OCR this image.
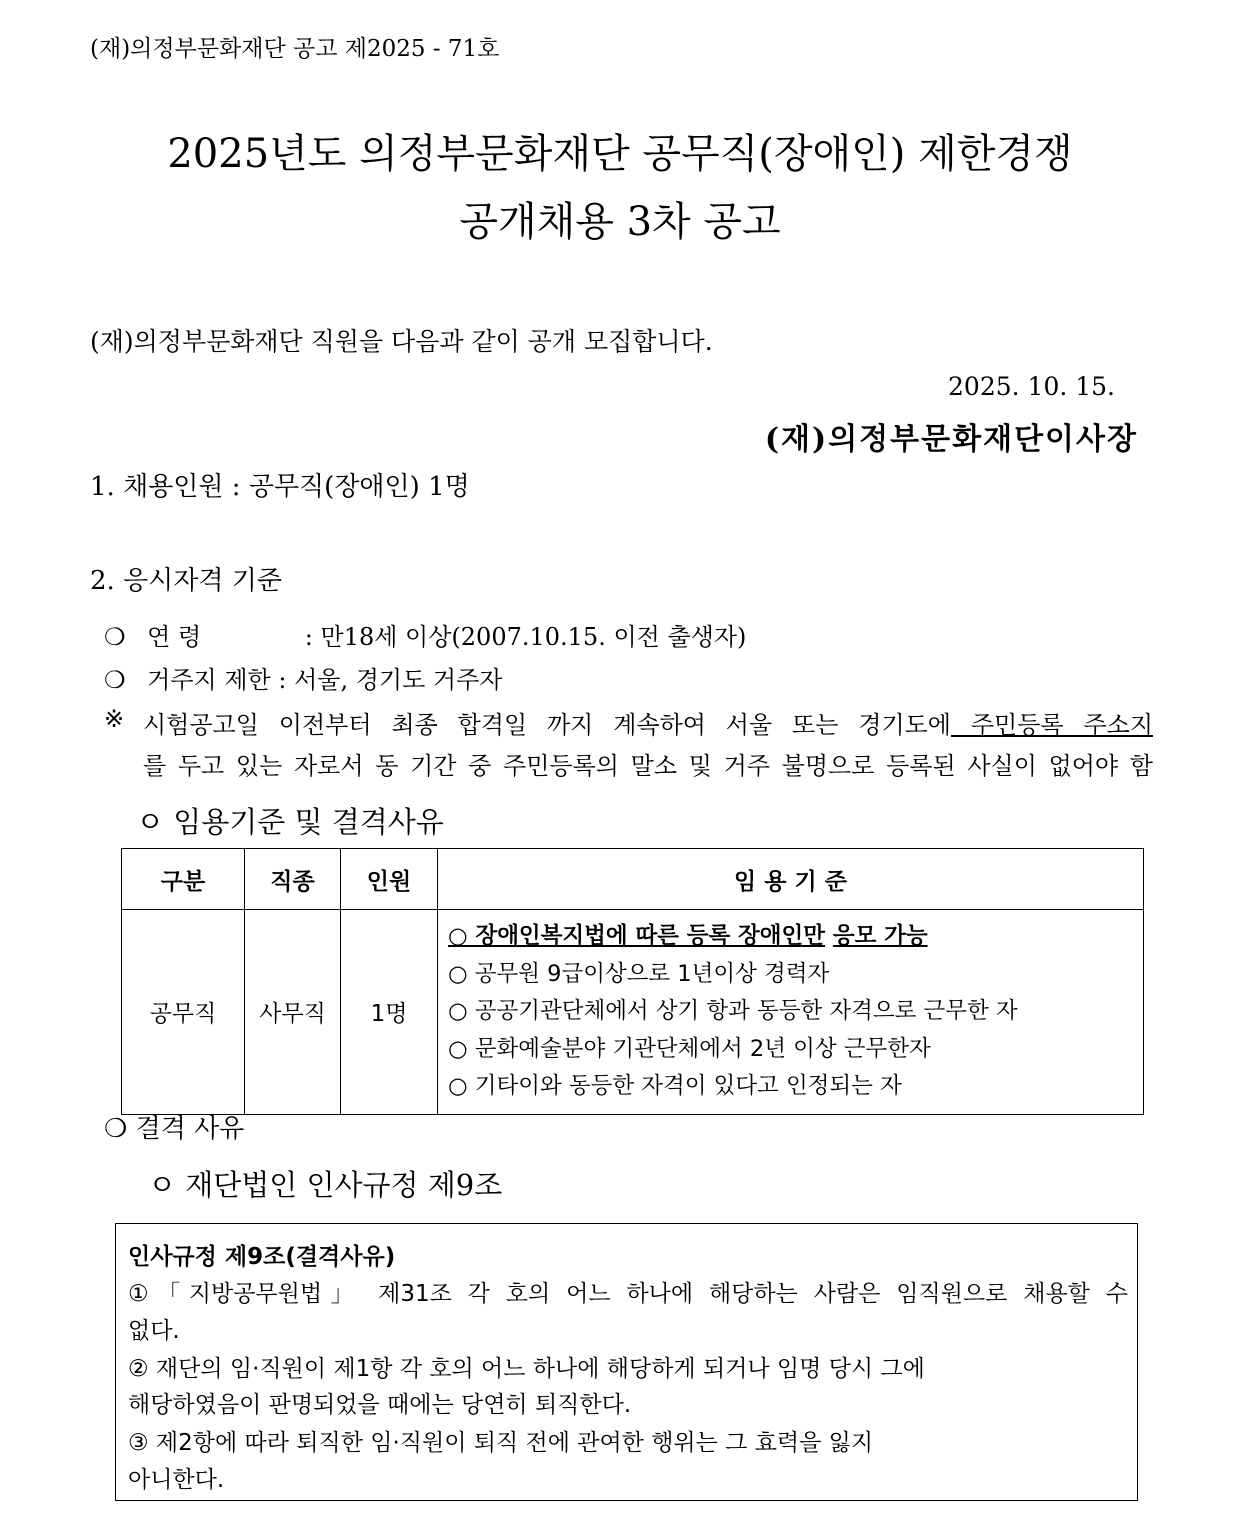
(재)의정부문화재단 공고 제2025 - 71호
2025년도 의정부문화재단 공무직(장애인) 제한경쟁
공개채용 3차 공고
(재)의정부문화재단 직원을 다음과 같이 공개 모집합니다.
2025. 10. 15.
(재)의정부문화재단이사장
1. 채용인원 : 공무직(장애인) 1명
2. 응시자격 기준
❍ 연 령	: 만18세 이상(2007.10.15. 이전 출생자)
❍ 거주지 제한 : 서울, 경기도 거주자
※ 시험공고일 이전부터 최종 합격일 까지 계속하여 서울 또는 경기도에 주민등록 주소지
를 두고 있는 자로서 동 기간 중 주민등록의 말소 및 거주 불명으로 등록된 사실이 없어야 함
ㅇ 임용기준 및 결격사유
구분	직종	인원	임 용 기 준
공무직	사무직	1명	○ 장애인복지법에 따른 등록 장애인만 응모 가능
○ 공무원 9급이상으로 1년이상 경력자
○ 공공기관단체에서 상기 항과 동등한 자격으로 근무한 자
○ 문화예술분야 기관단체에서 2년 이상 근무한자
○ 기타이와 동등한 자격이 있다고 인정되는 자
❍ 결격 사유
ㅇ 재단법인 인사규정 제9조
인사규정 제9조(결격사유)
①「지방공무원법」 제31조 각 호의 어느 하나에 해당하는 사람은 임직원으로 채용할 수
없다.
② 재단의 임·직원이 제1항 각 호의 어느 하나에 해당하게 되거나 임명 당시 그에
해당하였음이 판명되었을 때에는 당연히 퇴직한다.
③ 제2항에 따라 퇴직한 임·직원이 퇴직 전에 관여한 행위는 그 효력을 잃지
아니한다.
